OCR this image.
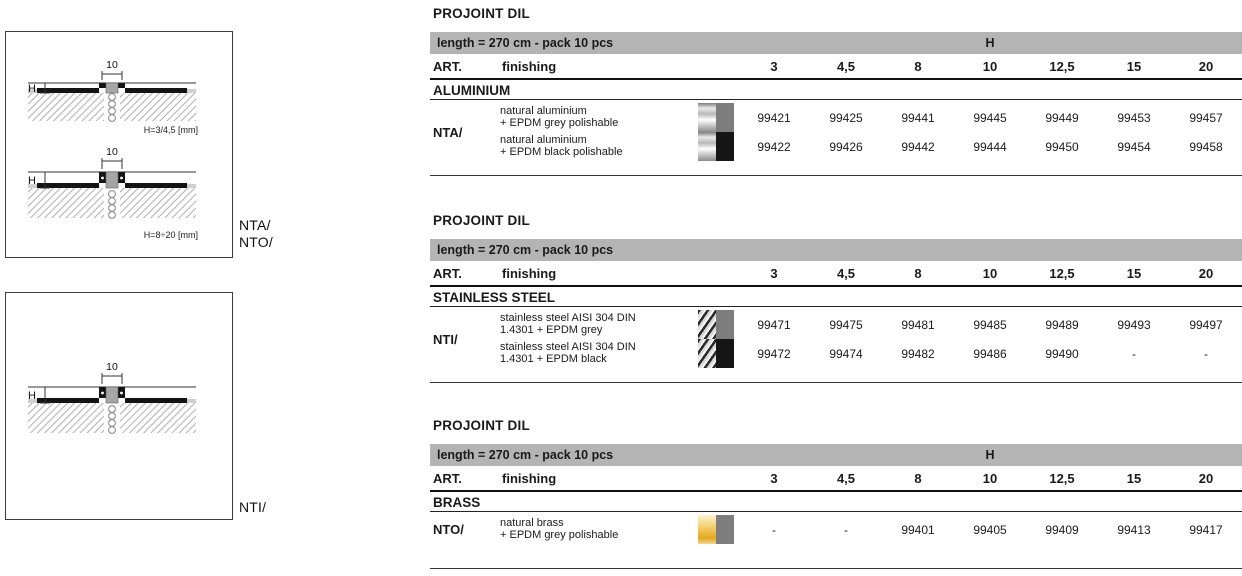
10
H
H=3/4,5 [mm]
10
H
H=8÷20 [mm]
NTA/
NTO/
10
H
NTI/
PROJOINT DIL
length = 270 cm - pack 10 pcs	H
ART.	finishing	3	4,5	8	10	12,5	15	20
ALUMINIUM
NTA/
natural aluminium
+ EPDM grey polishable	99421	99425	99441	99445	99449	99453	99457
natural aluminium
+ EPDM black polishable	99422	99426	99442	99444	99450	99454	99458
PROJOINT DIL
length = 270 cm - pack 10 pcs
ART.	finishing	3	4,5	8	10	12,5	15	20
STAINLESS STEEL
NTI/
stainless steel AISI 304 DIN
1.4301 + EPDM grey	99471	99475	99481	99485	99489	99493	99497
stainless steel AISI 304 DIN
1.4301 + EPDM black	99472	99474	99482	99486	99490	-	-
PROJOINT DIL
length = 270 cm - pack 10 pcs	H
ART.	finishing	3	4,5	8	10	12,5	15	20
BRASS
NTO/	natural brass
+ EPDM grey polishable	-	-	99401	99405	99409	99413	99417
